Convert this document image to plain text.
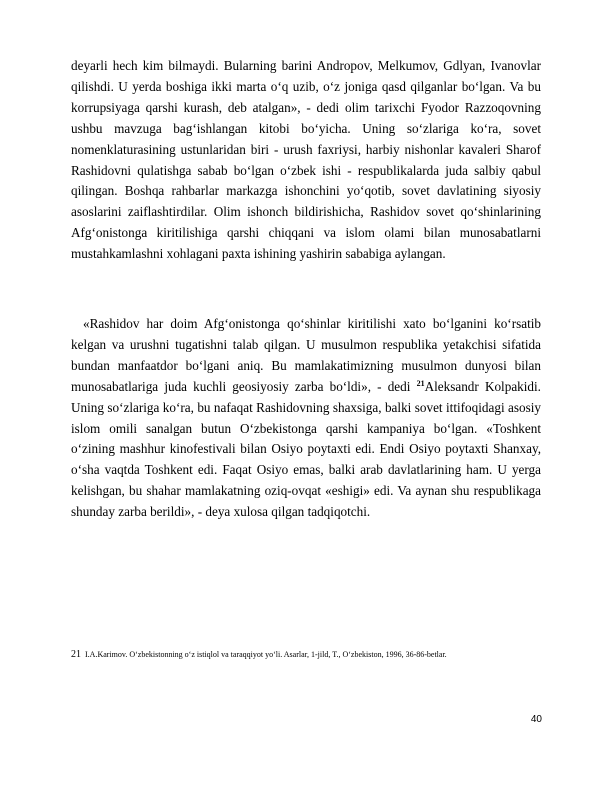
deyarli hech kim bilmaydi. Bularning barini Andropov, Melkumov, Gdlyan, Ivanovlar qilishdi. U yerda boshiga ikki marta o‘q uzib, o‘z joniga qasd qilganlar bo‘lgan. Va bu korrupsiyaga qarshi kurash, deb atalgan», - dedi olim tarixchi Fyodor Razzoqovning ushbu mavzuga bag‘ishlangan kitobi bo‘yicha. Uning so‘zlariga ko‘ra, sovet nomenklaturasining ustunlaridan biri - urush faxriysi, harbiy nishonlar kavaleri Sharof Rashidovni qulatishga sabab bo‘lgan o‘zbek ishi - respublikalarda juda salbiy qabul qilingan. Boshqa rahbarlar markazga ishonchini yo‘qotib, sovet davlatining siyosiy asoslarini zaiflashtirdilar. Olim ishonch bildirishicha, Rashidov sovet qo‘shinlarining Afg‘onistonga kiritilishiga qarshi chiqqani va islom olami bilan munosabatlarni mustahkamlashni xohlagani paxta ishining yashirin sababiga aylangan.

«Rashidov har doim Afg‘onistonga qo‘shinlar kiritilishi xato bo‘lganini ko‘rsatib kelgan va urushni tugatishni talab qilgan. U musulmon respublika yetakchisi sifatida bundan manfaatdor bo‘lgani aniq. Bu mamlakatimizning musulmon dunyosi bilan munosabatlariga juda kuchli geosiyosiy zarba bo‘ldi», - dedi $^{21}$Aleksandr Kolpakidi. Uning so‘zlariga ko‘ra, bu nafaqat Rashidovning shaxsiga, balki sovet ittifoqidagi asosiy islom omili sanalgan butun O‘zbekistonga qarshi kampaniya bo‘lgan. «Toshkent o‘zining mashhur kinofestivali bilan Osiyo poytaxti edi. Endi Osiyo poytaxti Shanxay, o‘sha vaqtda Toshkent edi. Faqat Osiyo emas, balki arab davlatlarining ham. U yerga kelishgan, bu shahar mamlakatning oziq-ovqat «eshigi» edi. Va aynan shu respublikaga shunday zarba berildi», - deya xulosa qilgan tadqiqotchi.

21 I.A.Karimov. O‘zbekistonning o‘z istiqlol va taraqqiyot yo‘li. Asarlar, 1-jild, T., O‘zbekiston, 1996, 36-86-betlar.

40
